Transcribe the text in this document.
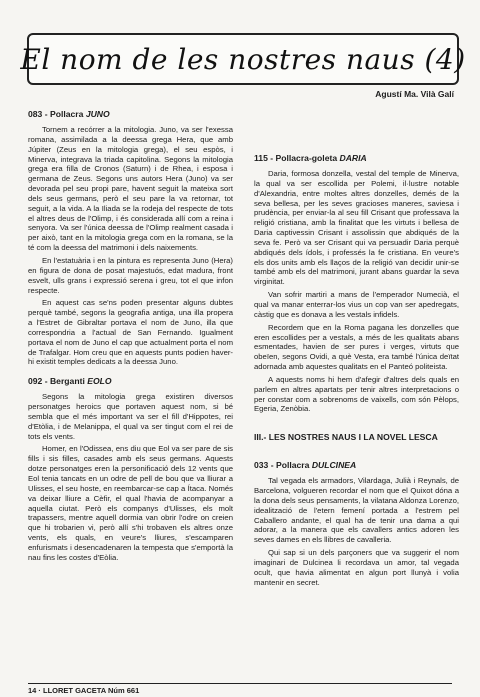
El nom de les nostres naus (4)
Agustí Ma. Vilà Galí
083 - Pollacra JUNO

Tornem a recórrer a la mitologia. Juno, va ser l'exessa romana, assimilada a la deessa grega Hera, que amb Júpiter (Zeus en la mitologia grega), el seu espòs, i Minerva, integrava la triada capitolina. Segons la mitologia grega era filla de Cronos (Saturn) i de Rhea, i esposa i germana de Zeus. Segons uns autors Hera (Juno) va ser devorada pel seu propi pare, havent seguit la mateixa sort dels seus germans, però el seu pare la va retornar, tot seguit, a la vida. A la Iliada se la rodeja del respecte de tots el altres deus de l'Olimp, i és considerada allí com a reina i senyora. Va ser l'única deessa de l'Olimp realment casada i per això, tant en la mitologia grega com en la romana, se la té com la deessa del matrimoni i dels naixements.

En l'estatuària i en la pintura es representa Juno (Hera) en figura de dona de posat majestuós, edat madura, front esvelt, ulls grans i expressió serena i greu, tot el que infon respecte.

En aquest cas se'ns poden presentar alguns dubtes perquè també, segons la geografia antiga, una illa propera a l'Estret de Gibraltar portava el nom de Juno, illa que correspondria a l'actual de San Fernando. Igualment portava el nom de Juno el cap que actualment porta el nom de Trafalgar. Hom creu que en aquests punts podien haver-hi existit temples dedicats a la deessa Juno.

092 - Berganti EOLO

Segons la mitologia grega existiren diversos personatges heroics que portaven aquest nom, si bé sembla que el més important va ser el fill d'Hippotes, rei d'Etòlia, i de Melanippa, el qual va ser tingut com el rei de tots els vents.

Homer, en l'Odissea, ens diu que Eol va ser pare de sis fills i sis filles, casades amb els seus germans. Aquests dotze personatges eren la personificació dels 12 vents que Eol tenia tancats en un odre de pell de bou que va lliurar a Ulisses, el seu hoste, en reembarcar-se cap a Ítaca. Només va deixar lliure a Cèfir, el qual l'havia de acompanyar a aquella ciutat. Però els companys d'Ulisses, els molt trapassers, mentre aquell dormia van obrir l'odre on creien que hi trobarien vi, però allí s'hi trobaven els altres onze vents, els quals, en veure's lliures, s'escamparen enfurismats i desencadenaren la tempesta que s'emportà la nau fins les costes d'Eòlia.

115 - Pollacra-goleta DARIA

Daria, formosa donzella, vestal del temple de Minerva, la qual va ser escollida per Polemi, il·lustre notable d'Alexandria, entre moltes altres donzelles, demés de la seva bellesa, per les seves gracioses maneres, saviesa i prudència, per enviar-la al seu fill Crisant que professava la religió cristiana, amb la finalitat que les virtuts i bellesa de Daria captivessin Crisant i assolissin que abdiqués de la seva fe. Però va ser Crisant qui va persuadir Daria perquè abdiqués dels ídols, i professés la fe cristiana. En veure's els dos units amb els llaços de la religió van decidir unir-se també amb els del matrimoni, jurant abans guardar la seva virginitat.

Van sofrir martiri a mans de l'emperador Numecià, el qual va manar enterrar-los vius un cop van ser apedregats, càstig que es donava a les vestals infidels.

Recordem que en la Roma pagana les donzelles que eren escollides per a vestals, a més de les qualitats abans esmentades, havien de ser pures i verges, virtuts que obeïen, segons Ovidi, a què Vesta, era també l'única deïtat adornada amb aquestes qualitats en el Panteó politeista.

A aquests noms hi hem d'afegir d'altres dels quals en parlem en altres apartats per tenir altres interpretacions o per constar com a sobrenoms de vaixells, com són Pèlops, Egeria, Zenòbia.

III.- LES NOSTRES NAUS I LA NOVEL LESCA
033 - Pollacra DULCINEA

Tal vegada els armadors, Vilardaga, Julià i Reynals, de Barcelona, volgueren recordar el nom que el Quixot dóna a la dona dels seus pensaments, la vilatana Aldonza Lorenzo, idealització de l'etern femení portada a l'estrem pel Caballero andante, el qual ha de tenir una dama a qui adorar, a la manera que els cavallers antics adoren les seves dames en els llibres de cavalleria.

Qui sap si un dels parçoners que va suggerir el nom imaginari de Dulcinea li recordava un amor, tal vegada ocult, que havia alimentat en algun port llunyà i volia mantenir en secret.

14 · LLORET GACETA Núm 661
